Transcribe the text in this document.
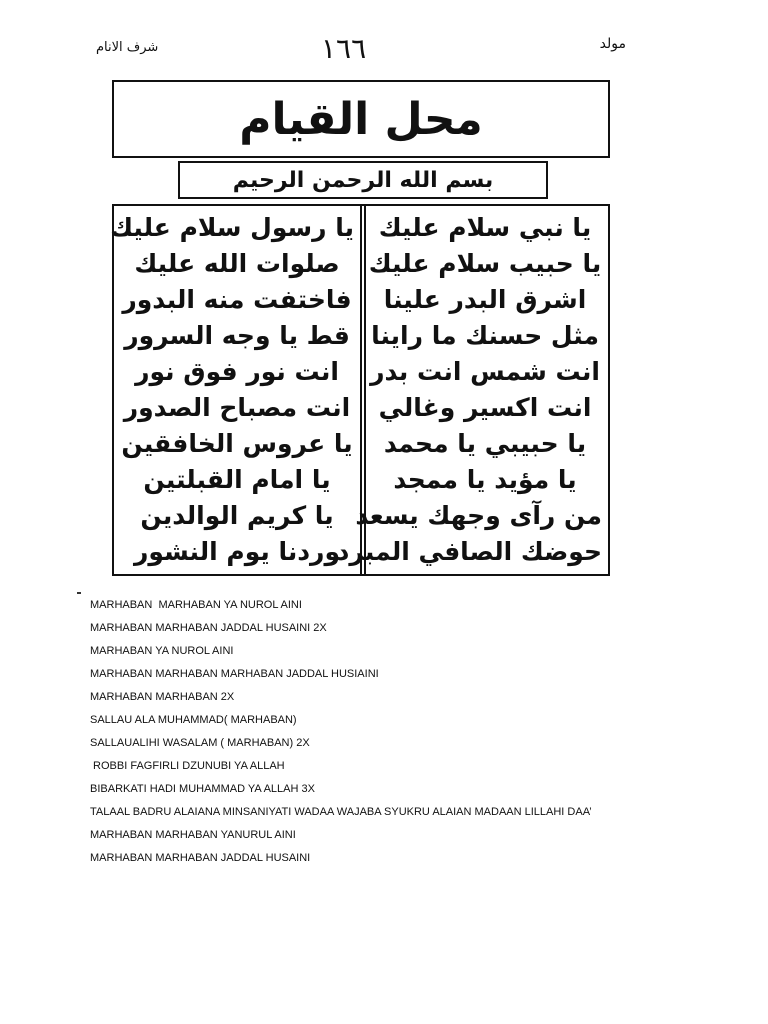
شرف الانام	١٦٦	مولد
محل القيام
بسم الله الرحمن الرحيم
يا نبي سلام عليك
يا حبيب سلام عليك
اشرق البدر علينا
مثل حسنك ما راينا
انت شمس انت بدر
انت اكسير وغالي
يا حبيبي يا محمد
يا مؤيد يا ممجد
من رآى وجهك يسعد
حوضك الصافي المبرد
يا رسول سلام عليك
صلوات الله عليك
فاختفت منه البدور
قط يا وجه السرور
انت نور فوق نور
انت مصباح الصدور
يا عروس الخافقين
يا امام القبلتين
يا كريم الوالدين
وردنا يوم النشور
MARHABAN  MARHABAN YA NUROL AINI
MARHABAN MARHABAN JADDAL HUSAINI 2X
MARHABAN YA NUROL AINI
MARHABAN MARHABAN MARHABAN JADDAL HUSIAINI
MARHABAN MARHABAN 2X
SALLAU ALA MUHAMMAD( MARHABAN)
SALLAUALIHI WASALAM ( MARHABAN) 2X
ROBBI FAGFIRLI DZUNUBI YA ALLAH
BIBARKATI HADI MUHAMMAD YA ALLAH 3X
TALAAL BADRU ALAIANA MINSANIYATI WADAA WAJABA SYUKRU ALAIAN MADAAN LILLAHI DAA’
MARHABAN MARHABAN YANURUL AINI
MARHABAN MARHABAN JADDAL HUSAINI
